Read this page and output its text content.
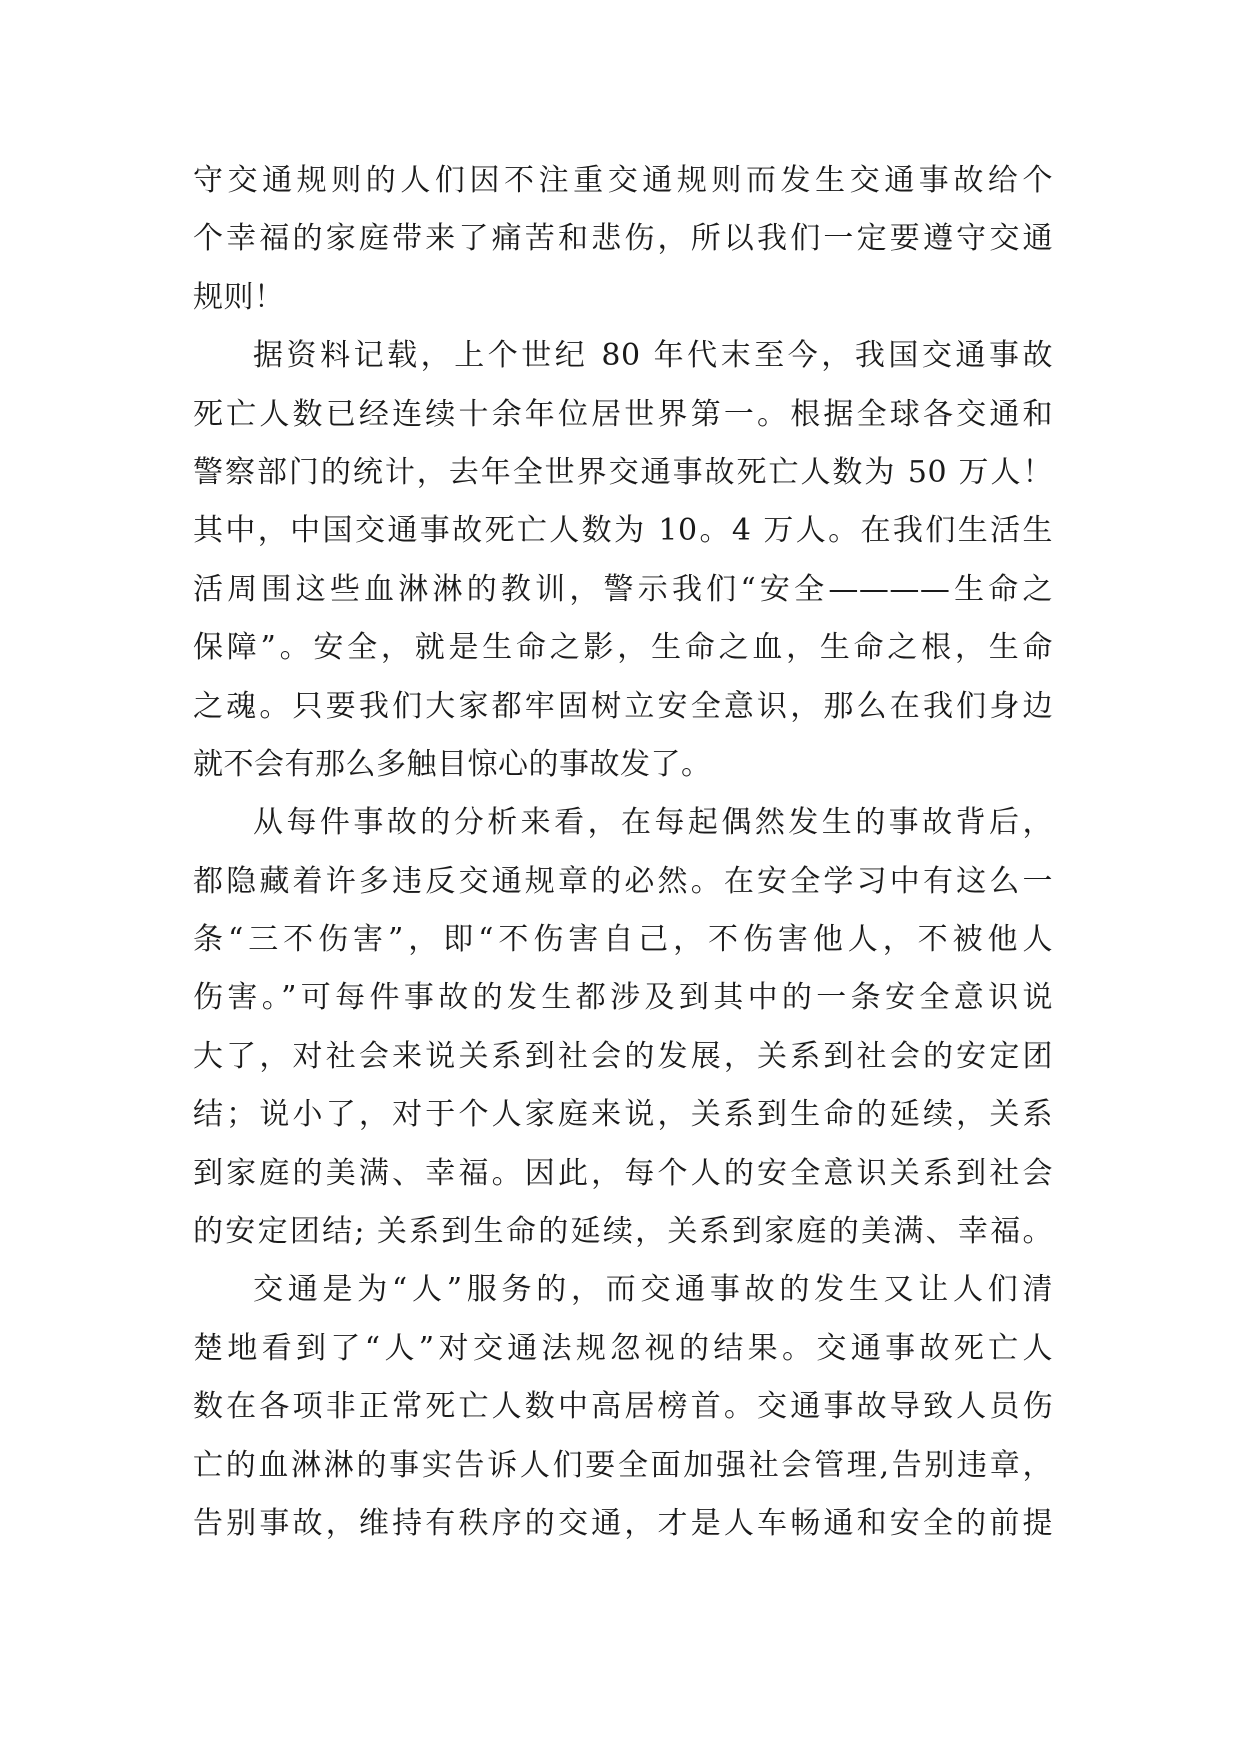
守交通规则的人们因不注重交通规则而发生交通事故给个
个幸福的家庭带来了痛苦和悲伤，所以我们一定要遵守交通
规则！
据资料记载，上个世纪 80 年代末至今，我国交通事故
死亡人数已经连续十余年位居世界第一。根据全球各交通和
警察部门的统计，去年全世界交通事故死亡人数为 50 万人！
其中，中国交通事故死亡人数为 10。4 万人。在我们生活生
活周围这些血淋淋的教训，警示我们“安全————生命之
保障”。安全，就是生命之影，生命之血，生命之根，生命
之魂。只要我们大家都牢固树立安全意识，那么在我们身边
就不会有那么多触目惊心的事故发了。
从每件事故的分析来看，在每起偶然发生的事故背后，
都隐藏着许多违反交通规章的必然。在安全学习中有这么一
条“三不伤害”，即“不伤害自己，不伤害他人，不被他人
伤害。”可每件事故的发生都涉及到其中的一条安全意识说
大了，对社会来说关系到社会的发展，关系到社会的安定团
结；说小了，对于个人家庭来说，关系到生命的延续，关系
到家庭的美满、幸福。因此，每个人的安全意识关系到社会
的安定团结; 关系到生命的延续，关系到家庭的美满、幸福。
交通是为“人”服务的，而交通事故的发生又让人们清
楚地看到了“人”对交通法规忽视的结果。交通事故死亡人
数在各项非正常死亡人数中高居榜首。交通事故导致人员伤
亡的血淋淋的事实告诉人们要全面加强社会管理,告别违章，
告别事故，维持有秩序的交通，才是人车畅通和安全的前提
